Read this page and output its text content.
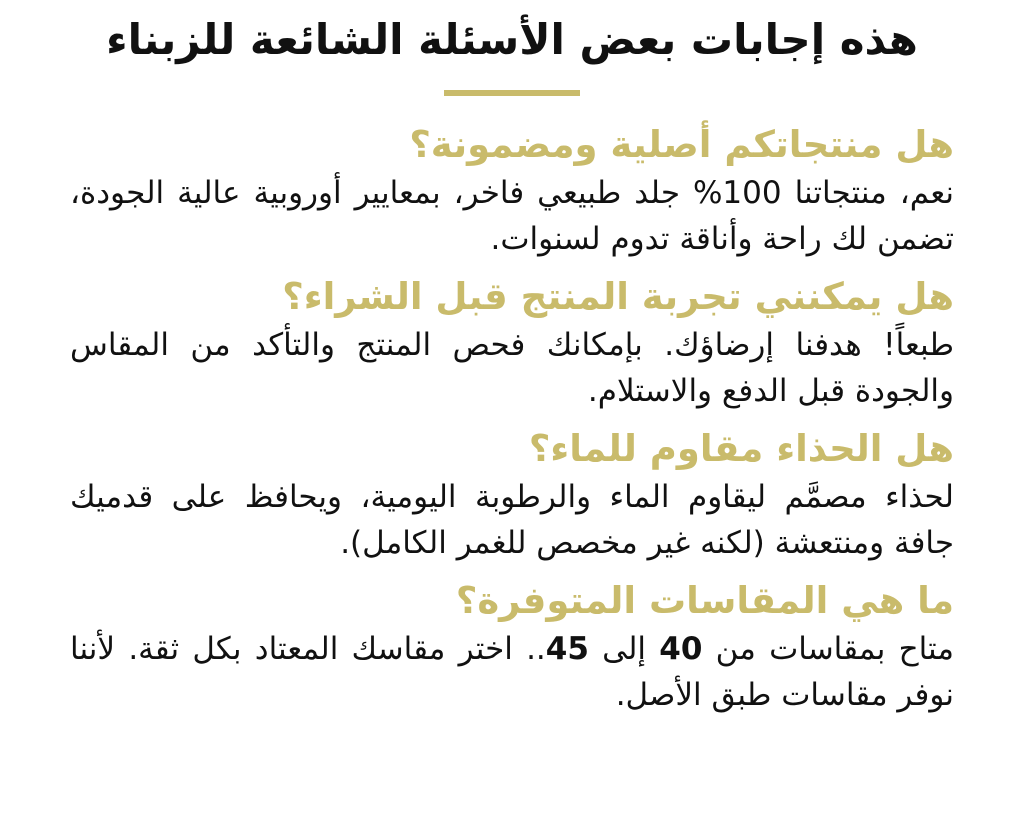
هذه إجابات بعض الأسئلة الشائعة للزبناء
هل منتجاتكم أصلية ومضمونة؟

نعم، منتجاتنا 100% جلد طبيعي فاخر، بمعايير أوروبية عالية الجودة، تضمن لك راحة وأناقة تدوم لسنوات.

هل يمكنني تجربة المنتج قبل الشراء؟

طبعاً! هدفنا إرضاؤك. بإمكانك فحص المنتج والتأكد من المقاس والجودة قبل الدفع والاستلام.

هل الحذاء مقاوم للماء؟

لحذاء مصمَّم ليقاوم الماء والرطوبة اليومية، ويحافظ على قدميك جافة ومنتعشة (لكنه غير مخصص للغمر الكامل).

ما هي المقاسات المتوفرة؟

متاح بمقاسات من 40 إلى 45.. اختر مقاسك المعتاد بكل ثقة. لأننا نوفر مقاسات طبق الأصل.
